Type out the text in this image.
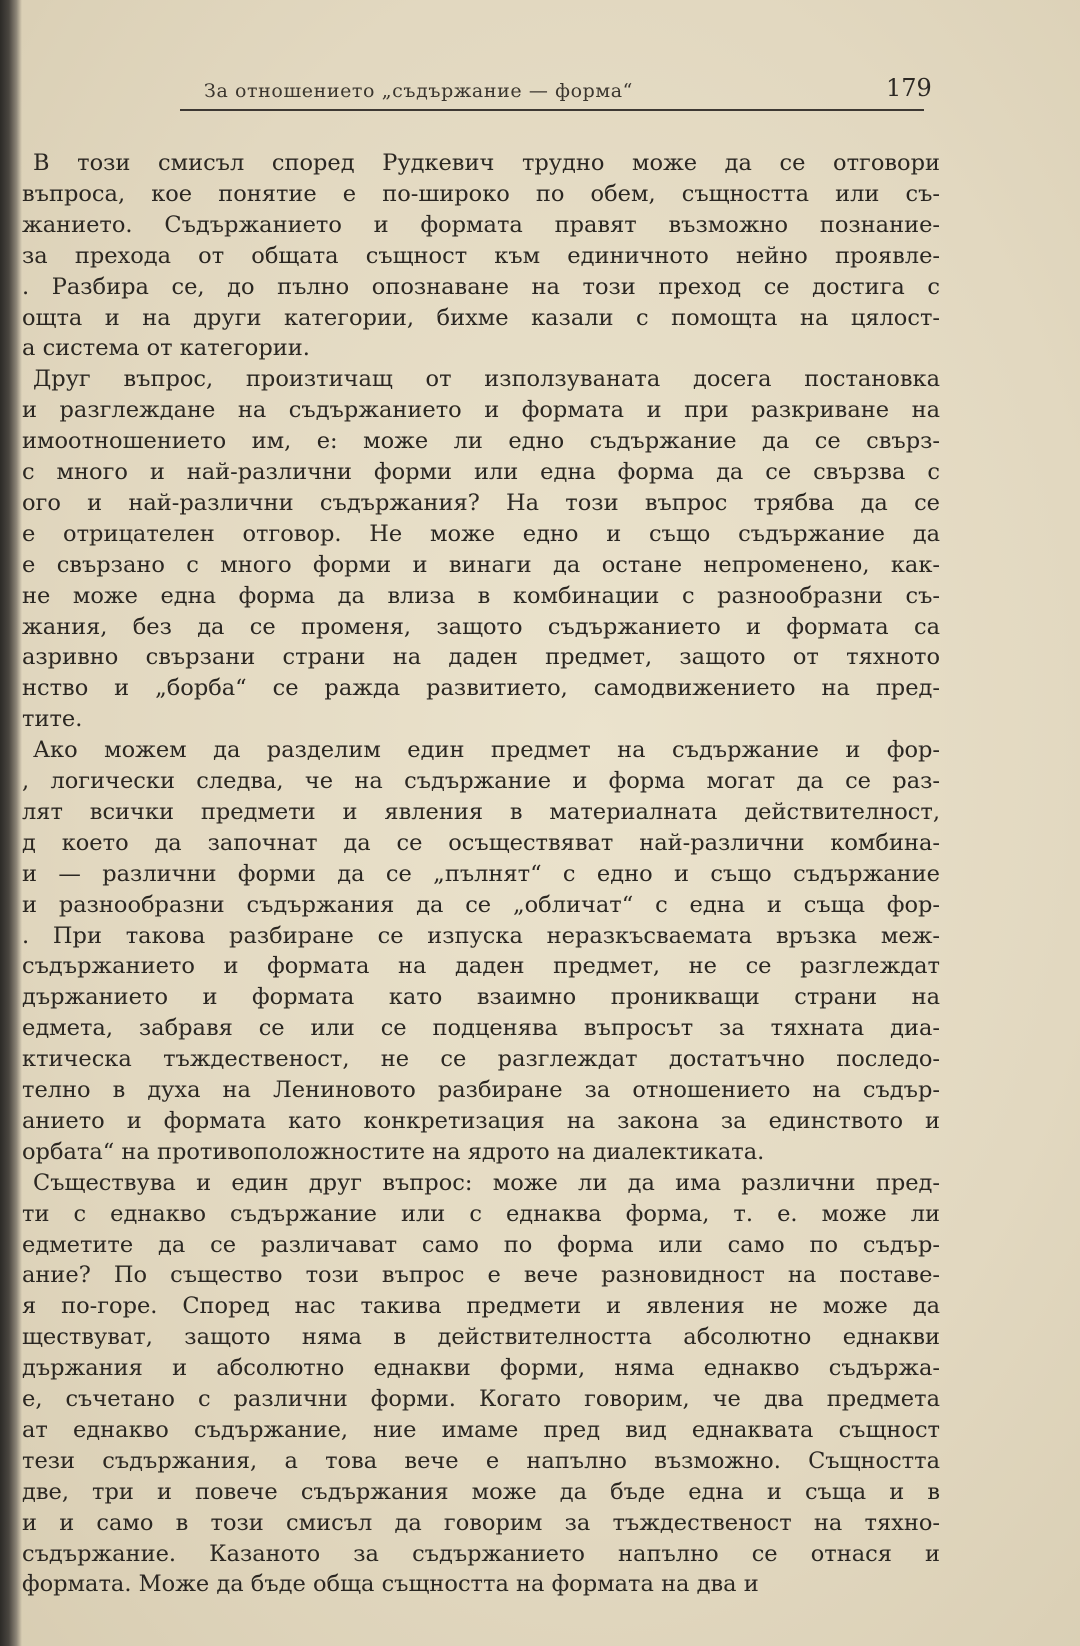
За отношението „съдържание — форма“	179
В този смисъл според Рудкевич трудно може да се отговори
въпроса, кое понятие е по-широко по обем, същността или съ-
жанието. Съдържанието и формата правят възможно познание-
за прехода от общата същност към единичното нейно проявле-
. Разбира се, до пълно опознаване на този преход се достига с
ощта и на други категории, бихме казали с помощта на цялост-
а система от категории.
Друг въпрос, произтичащ от използуваната досега постановка
и разглеждане на съдържанието и формата и при разкриване на
имоотношението им, е: може ли едно съдържание да се свърз-
с много и най-различни форми или една форма да се свързва с
ого и най-различни съдържания? На този въпрос трябва да се
е отрицателен отговор. Не може едно и също съдържание да
е свързано с много форми и винаги да остане непроменено, как-
не може една форма да влиза в комбинации с разнообразни съ-
жания, без да се променя, защото съдържанието и формата са
азривно свързани страни на даден предмет, защото от тяхното
нство и „борба“ се ражда развитието, самодвижението на пред-
тите.
Ако можем да разделим един предмет на съдържание и фор-
, логически следва, че на съдържание и форма могат да се раз-
лят всички предмети и явления в материалната действителност,
д което да започнат да се осъществяват най-различни комбина-
и — различни форми да се „пълнят“ с едно и също съдържание
и разнообразни съдържания да се „обличат“ с една и съща фор-
. При такова разбиране се изпуска неразкъсваемата връзка меж-
съдържанието и формата на даден предмет, не се разглеждат
държанието и формата като взаимно проникващи страни на
едмета, забравя се или се подценява въпросът за тяхната диа-
ктическа тъждественост, не се разглеждат достатъчно последо-
телно в духа на Лениновото разбиране за отношението на съдър-
анието и формата като конкретизация на закона за единството и
орбата“ на противоположностите на ядрото на диалектиката.
Съществува и един друг въпрос: може ли да има различни пред-
ти с еднакво съдържание или с еднаква форма, т. е. може ли
едметите да се различават само по форма или само по съдър-
ание? По същество този въпрос е вече разновидност на поставе-
я по-горе. Според нас такива предмети и явления не може да
ществуват, защото няма в действителността абсолютно еднакви
държания и абсолютно еднакви форми, няма еднакво съдържа-
е, съчетано с различни форми. Когато говорим, че два предмета
ат еднакво съдържание, ние имаме пред вид еднаквата същност
тези съдържания, а това вече е напълно възможно. Същността
две, три и повече съдържания може да бъде една и съща и в
и и само в този смисъл да говорим за тъждественост на тяхно-
съдържание. Казаното за съдържанието напълно се отнася и
формата. Може да бъде обща същността на формата на два и
